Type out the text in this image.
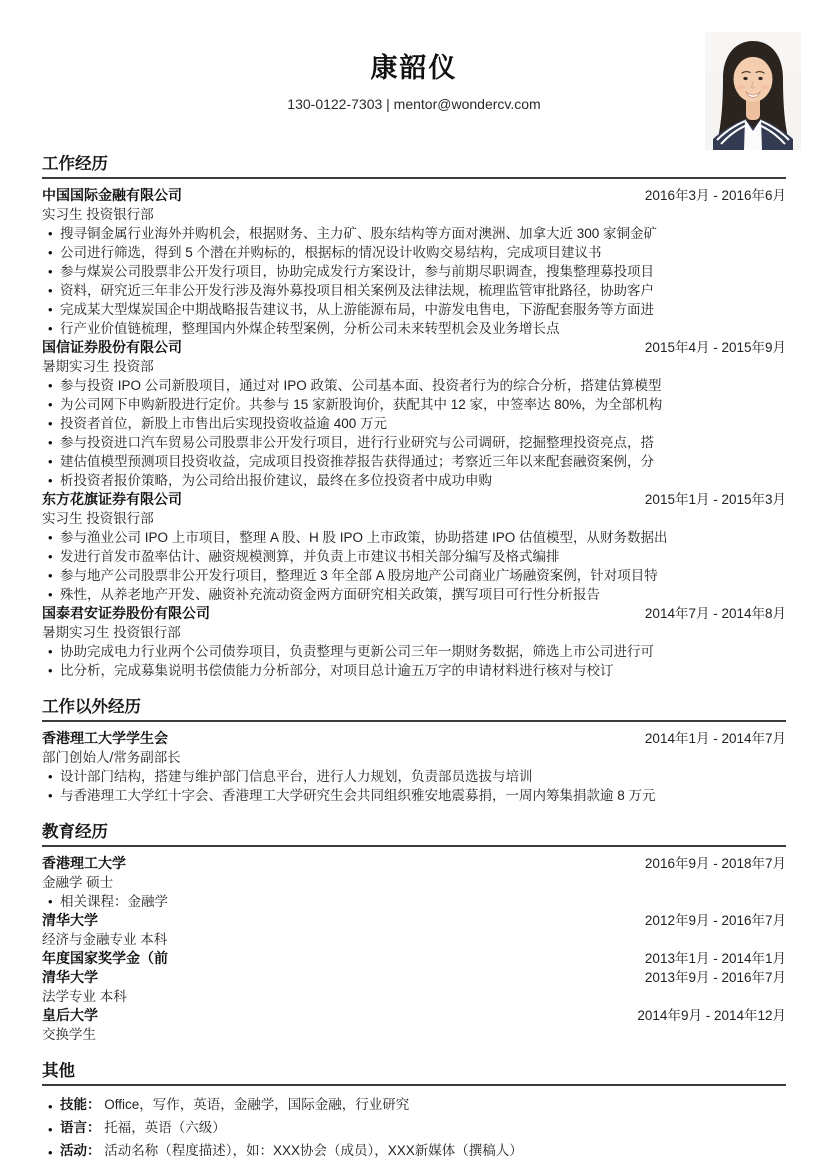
康韶仪
130-0122-7303 | mentor@wondercv.com
工作经历
中国国际金融有限公司	2016年3月 - 2016年6月
实习生 投资银行部
• 搜寻铜金属行业海外并购机会，根据财务、主力矿、股东结构等方面对澳洲、加拿大近 300 家铜金矿
• 公司进行筛选，得到 5 个潜在并购标的，根据标的情况设计收购交易结构，完成项目建议书
• 参与煤炭公司股票非公开发行项目，协助完成发行方案设计，参与前期尽职调查，搜集整理募投项目
• 资料，研究近三年非公开发行涉及海外募投项目相关案例及法律法规，梳理监管审批路径，协助客户
• 完成某大型煤炭国企中期战略报告建议书，从上游能源布局，中游发电售电，下游配套服务等方面进
• 行产业价值链梳理，整理国内外煤企转型案例，分析公司未来转型机会及业务增长点
国信证券股份有限公司	2015年4月 - 2015年9月
暑期实习生 投资部
• 参与投资 IPO 公司新股项目，通过对 IPO 政策、公司基本面、投资者行为的综合分析，搭建估算模型
• 为公司网下申购新股进行定价。共参与 15 家新股询价，获配其中 12 家，中签率达 80%，为全部机构
• 投资者首位，新股上市售出后实现投资收益逾 400 万元
• 参与投资进口汽车贸易公司股票非公开发行项目，进行行业研究与公司调研，挖掘整理投资亮点，搭
• 建估值模型预测项目投资收益，完成项目投资推荐报告获得通过；考察近三年以来配套融资案例，分
• 析投资者报价策略，为公司给出报价建议，最终在多位投资者中成功申购
东方花旗证券有限公司	2015年1月 - 2015年3月
实习生 投资银行部
• 参与渔业公司 IPO 上市项目，整理 A 股、H 股 IPO 上市政策，协助搭建 IPO 估值模型，从财务数据出
• 发进行首发市盈率估计、融资规模测算，并负责上市建议书相关部分编写及格式编排
• 参与地产公司股票非公开发行项目，整理近 3 年全部 A 股房地产公司商业广场融资案例，针对项目特
• 殊性，从养老地产开发、融资补充流动资金两方面研究相关政策，撰写项目可行性分析报告
国泰君安证券股份有限公司	2014年7月 - 2014年8月
暑期实习生 投资银行部
• 协助完成电力行业两个公司债券项目，负责整理与更新公司三年一期财务数据，筛选上市公司进行可
• 比分析，完成募集说明书偿债能力分析部分，对项目总计逾五万字的申请材料进行核对与校订
工作以外经历
香港理工大学学生会	2014年1月 - 2014年7月
部门创始人/常务副部长
• 设计部门结构，搭建与维护部门信息平台，进行人力规划，负责部员选拔与培训
• 与香港理工大学红十字会、香港理工大学研究生会共同组织雅安地震募捐，一周内筹集捐款逾 8 万元
教育经历
香港理工大学	2016年9月 - 2018年7月
金融学 硕士
• 相关课程：金融学
清华大学	2012年9月 - 2016年7月
经济与金融专业 本科
年度国家奖学金（前	2013年1月 - 2014年1月
清华大学	2013年9月 - 2016年7月
法学专业 本科
皇后大学	2014年9月 - 2014年12月
交换学生
其他
• 技能： Office，写作，英语，金融学，国际金融，行业研究
• 语言： 托福，英语（六级）
• 活动： 活动名称（程度描述），如：XXX协会（成员），XXX新媒体（撰稿人）
